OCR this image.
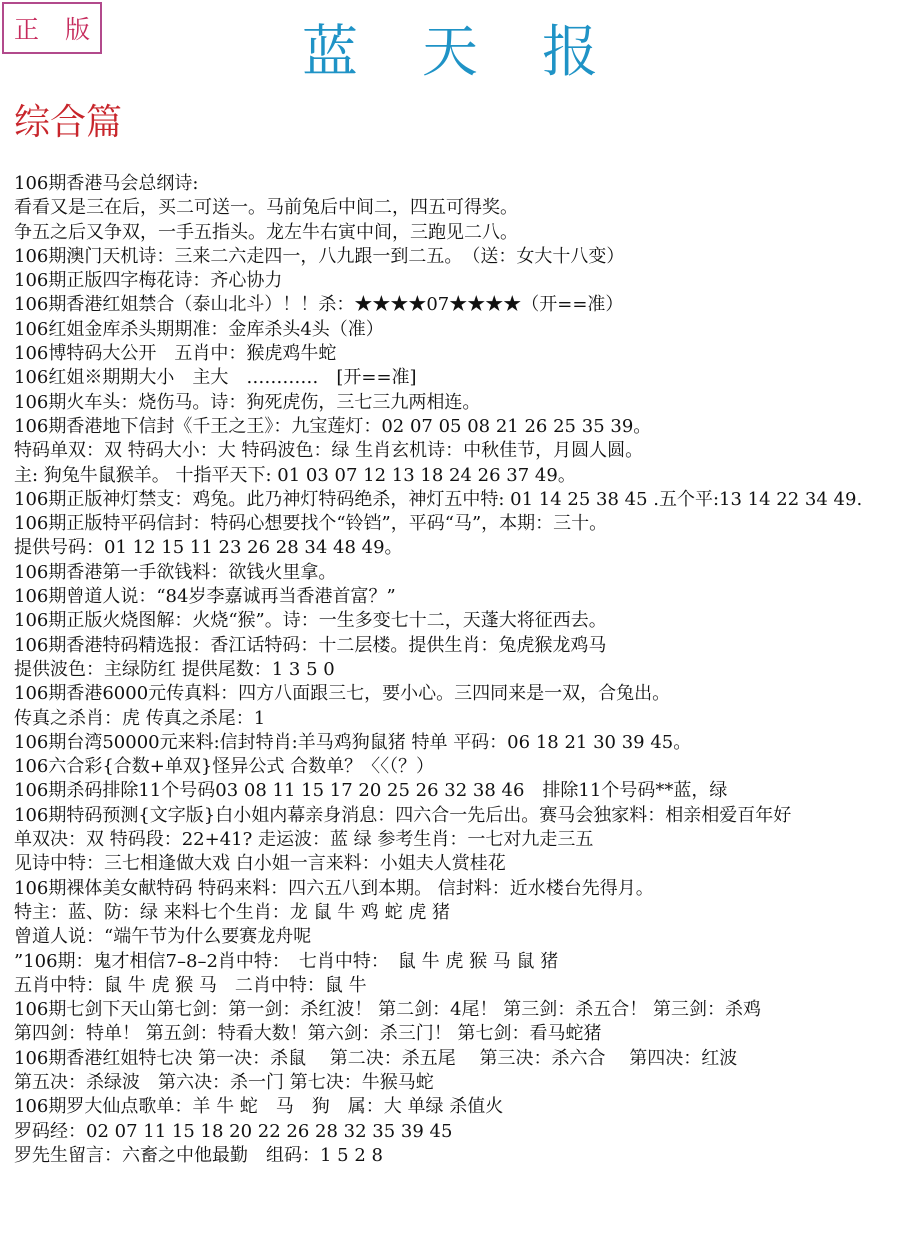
正版	蓝天报
综合篇
106期香港马会总纲诗:
看看又是三在后，买二可送一。马前兔后中间二，四五可得奖。
争五之后又争双，一手五指头。龙左牛右寅中间，三跑见二八。
106期澳门天机诗：三来二六走四一，八九跟一到二五。　（送：女大十八变）
106期正版四字梅花诗：齐心协力
106期香港红姐禁合（泰山北斗）！！杀：★★★★07★★★★（开==准）
106红姐金库杀头期期准：金库杀头4头（准）
106博特码大公开　五肖中：猴虎鸡牛蛇
106红姐※期期大小　主大　…………　[开==准]
106期火车头：烧伤马。诗：狗死虎伤，三七三九两相连。
106期香港地下信封《千王之王》：九宝莲灯：02 07 05 08 21 26 25 35 39。
特码单双：双 特码大小：大 特码波色：绿 生肖玄机诗：中秋佳节，月圆人圆。
主: 狗兔牛鼠猴羊。 十指平天下: 01 03 07 12 13 18 24 26 37 49。
106期正版神灯禁支：鸡兔。此乃神灯特码绝杀，神灯五中特: 01 14 25 38 45 .五个平:13 14 22 34 49.
106期正版特平码信封：特码心想要找个“铃铛”，平码“马”，本期：三十。
提供号码：01 12 15 11 23 26 28 34 48 49。
106期香港第一手欲钱料：欲钱火里拿。
106期曾道人说：“84岁李嘉诚再当香港首富？”
106期正版火烧图解：火烧“猴”。诗：一生多变七十二，天蓬大将征西去。
106期香港特码精选报：香江话特码：十二层楼。提供生肖：兔虎猴龙鸡马
提供波色：主绿防红 提供尾数：1 3 5 0
106期香港6000元传真料：四方八面跟三七，要小心。三四同来是一双，合兔出。
传真之杀肖：虎 传真之杀尾：1
106期台湾50000元来料:信封特肖:羊马鸡狗鼠猪 特单 平码：06 18 21 30 39 45。
106六合彩{合数+单双}怪异公式 合数单？〈〈（？）
106期杀码排除11个号码03 08 11 15 17 20 25 26 32 38 46　排除11个号码**蓝，绿
106期特码预测{文字版}白小姐内幕亲身消息：四六合一先后出。赛马会独家料：相亲相爱百年好
单双决：双 特码段：22+41? 走运波：蓝 绿 参考生肖：一七对九走三五
见诗中特：三七相逢做大戏 白小姐一言来料：小姐夫人赏桂花
106期裸体美女献特码 特码来料：四六五八到本期。 信封料：近水楼台先得月。
特主：蓝、防：绿 来料七个生肖：龙 鼠 牛 鸡 蛇 虎 猪
曾道人说：“端午节为什么要赛龙舟呢
”106期：鬼才相信7–8–2肖中特：　七肖中特：　鼠 牛 虎 猴 马 鼠 猪
五肖中特：鼠 牛 虎 猴 马　二肖中特：鼠 牛
106期七剑下天山第七剑：第一剑：杀红波！ 第二剑：4尾！ 第三剑：杀五合！ 第三剑：杀鸡
第四剑：特单！ 第五剑：特看大数！第六剑：杀三门！ 第七剑：看马蛇猪
106期香港红姐特七决 第一决：杀鼠　 第二决：杀五尾　 第三决：杀六合　 第四决：红波
第五决：杀绿波　第六决：杀一门 第七决：牛猴马蛇
106期罗大仙点歌单：羊 牛 蛇　马　狗　属：大 单绿 杀值火
罗码经：02 07 11 15 18 20 22 26 28 32 35 39 45
罗先生留言：六畜之中他最勤　组码：1 5 2 8
